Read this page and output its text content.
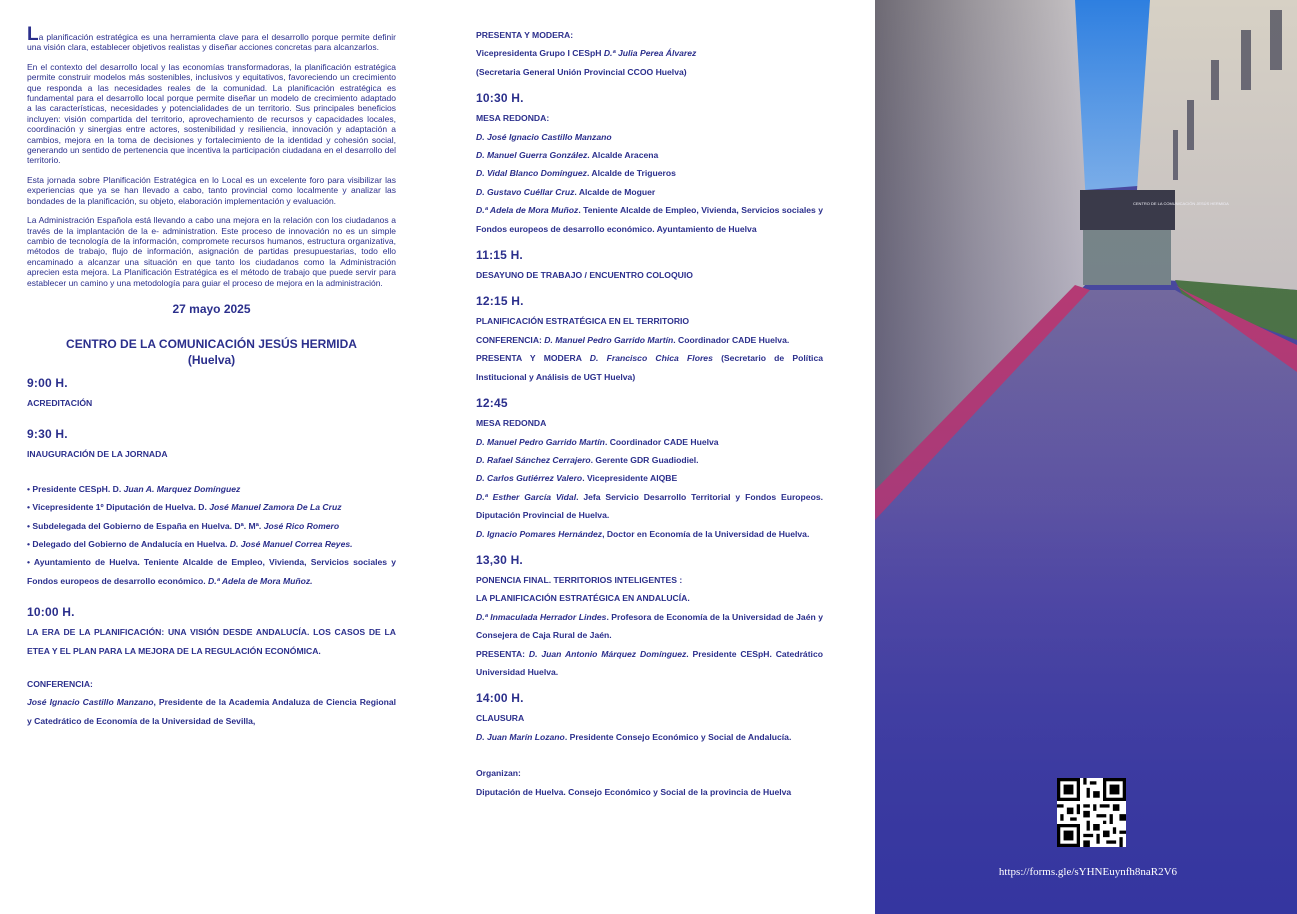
La planificación estratégica es una herramienta clave para el desarrollo porque permite definir una visión clara, establecer objetivos realistas y diseñar acciones concretas para alcanzarlos.

En el contexto del desarrollo local y las economías transformadoras, la planificación estratégica permite construir modelos más sostenibles, inclusivos y equitativos, favoreciendo un crecimiento que responda a las necesidades reales de la comunidad. La planificación estratégica es fundamental para el desarrollo local porque permite diseñar un modelo de crecimiento adaptado a las características, necesidades y potencialidades de un territorio. Sus principales beneficios incluyen: visión compartida del territorio, aprovechamiento de recursos y capacidades locales, coordinación y sinergias entre actores, sostenibilidad y resiliencia, innovación y adaptación a cambios, mejora en la toma de decisiones y fortalecimiento de la identidad y cohesión social, generando un sentido de pertenencia que incentiva la participación ciudadana en el desarrollo del territorio.

Esta jornada sobre Planificación Estratégica en lo Local es un excelente foro para visibilizar las experiencias que ya se han llevado a cabo, tanto provincial como localmente y analizar las bondades de la planificación, su objeto, elaboración implementación y evaluación.

La Administración Española está llevando a cabo una mejora en la relación con los ciudadanos a través de la implantación de la e- administration. Este proceso de innovación no es un simple cambio de tecnología de la información, compromete recursos humanos, estructura organizativa, métodos de trabajo, flujo de información, asignación de partidas presupuestarias, todo ello encaminado a alcanzar una situación en que tanto los ciudadanos como la Administración aprecien esta mejora. La Planificación Estratégica es el método de trabajo que puede servir para establecer un camino y una metodología para guiar el proceso de mejora en la administración.

27 mayo 2025
CENTRO DE LA COMUNICACIÓN JESÚS HERMIDA
(Huelva)
9:00 H.
ACREDITACIÓN
9:30 H.
INAUGURACIÓN DE LA JORNADA
• Presidente CESpH. D. Juan A. Marquez Domínguez
• Vicepresidente 1º Diputación de Huelva. D. José Manuel Zamora De La Cruz
• Subdelegada del Gobierno de España en Huelva. Dª. Mª. José Rico Romero
• Delegado del Gobierno de Andalucía en Huelva. D. José Manuel Correa Reyes.
• Ayuntamiento de Huelva. Teniente Alcalde de Empleo, Vivienda, Servicios sociales y Fondos europeos de desarrollo económico. D.ª Adela de Mora Muñoz.
10:00 H.
LA ERA DE LA PLANIFICACIÓN: UNA VISIÓN DESDE ANDALUCÍA. LOS CASOS DE LA ETEA Y EL PLAN PARA LA MEJORA DE LA REGULACIÓN ECONÓMICA.
CONFERENCIA:
José Ignacio Castillo Manzano, Presidente de la Academia Andaluza de Ciencia Regional y Catedrático de Economía de la Universidad de Sevilla,
PRESENTA Y MODERA:
Vicepresidenta Grupo I CESpH D.ª Julia Perea Álvarez
(Secretaria General Unión Provincial CCOO Huelva)
10:30 H.
MESA REDONDA:
D. José Ignacio Castillo Manzano
D. Manuel Guerra González. Alcalde Aracena
D. Vidal Blanco Domínguez. Alcalde de Trigueros
D. Gustavo Cuéllar Cruz. Alcalde de Moguer
D.ª Adela de Mora Muñoz. Teniente Alcalde de Empleo, Vivienda, Servicios sociales y Fondos europeos de desarrollo económico. Ayuntamiento de Huelva
11:15 H.
DESAYUNO DE TRABAJO / ENCUENTRO COLOQUIO
12:15 H.
PLANIFICACIÓN ESTRATÉGICA EN EL TERRITORIO
CONFERENCIA: D. Manuel Pedro Garrido Martín. Coordinador CADE Huelva.
PRESENTA Y MODERA D. Francisco Chica Flores (Secretario de Política Institucional y Análisis de UGT Huelva)
12:45
MESA REDONDA
D. Manuel Pedro Garrido Martín. Coordinador CADE Huelva
D. Rafael Sánchez Cerrajero. Gerente GDR Guadiodiel.
D. Carlos Gutiérrez Valero. Vicepresidente AIQBE
D.ª Esther García Vidal. Jefa Servicio Desarrollo Territorial y Fondos Europeos. Diputación Provincial de Huelva.
D. Ignacio Pomares Hernández, Doctor en Economía de la Universidad de Huelva.
13,30 H.
PONENCIA FINAL. TERRITORIOS INTELIGENTES :
LA PLANIFICACIÓN ESTRATÉGICA EN ANDALUCÍA.
D.ª Inmaculada Herrador Lindes. Profesora de Economía de la Universidad de Jaén y Consejera de Caja Rural de Jaén.
PRESENTA: D. Juan Antonio Márquez Domínguez. Presidente CESpH. Catedrático Universidad Huelva.
14:00 H.
CLAUSURA
D. Juan Marín Lozano. Presidente Consejo Económico y Social de Andalucía.
Organizan:
Diputación de Huelva. Consejo Económico y Social de la provincia de Huelva
https://forms.gle/sYHNEuynfh8naR2V6
